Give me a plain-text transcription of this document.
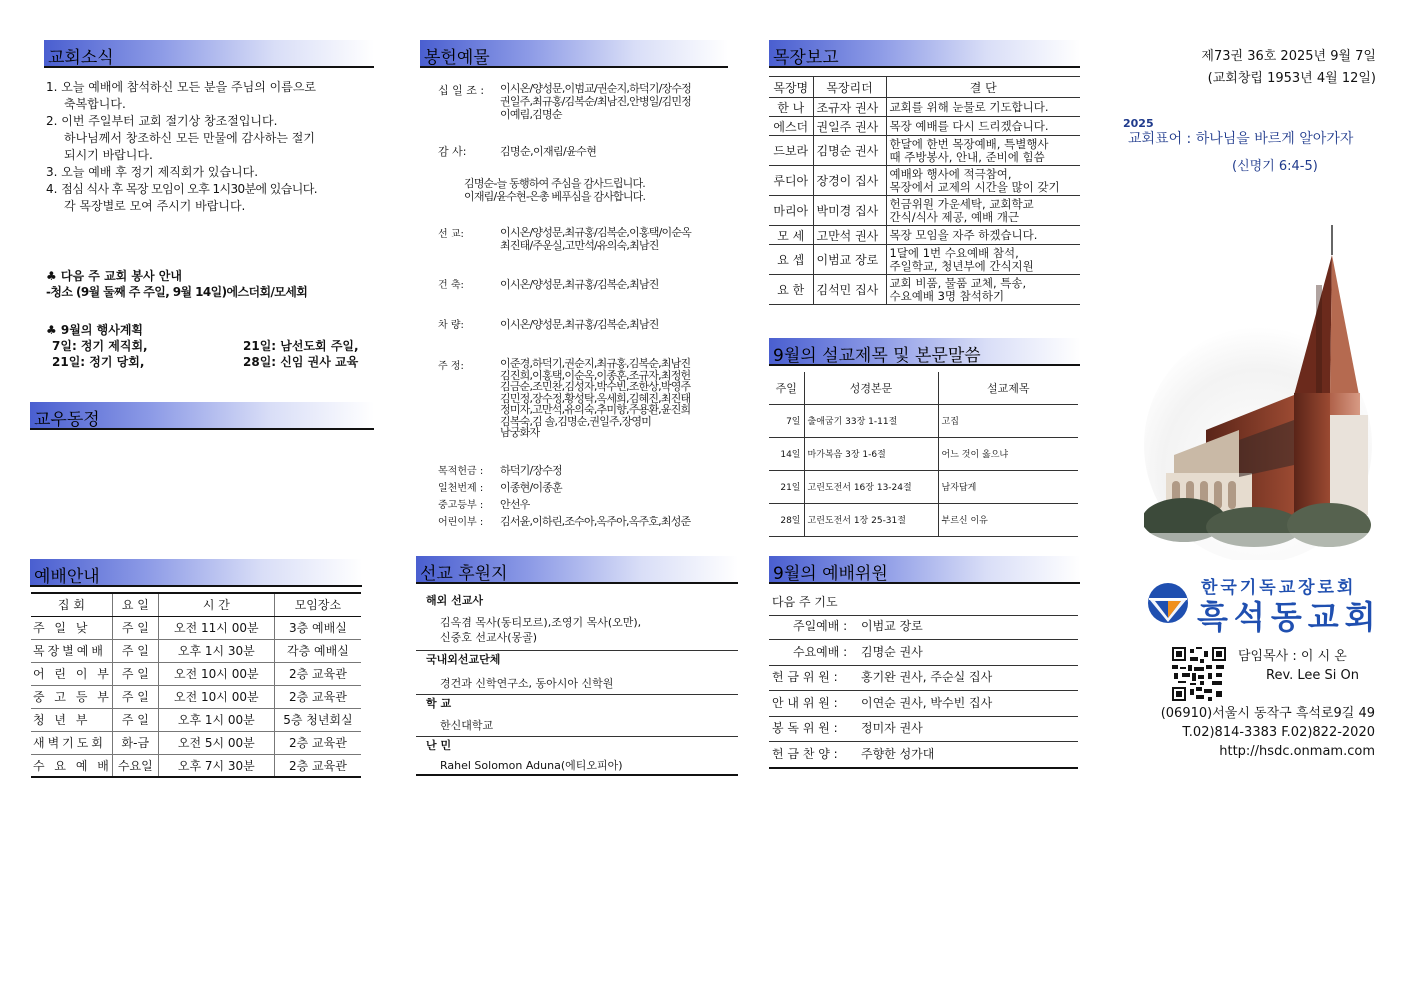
교회소식
1. 오늘 예배에 참석하신 모든 분을 주님의 이름으로
축복합니다.
2. 이번 주일부터 교회 절기상 창조절입니다.
하나님께서 창조하신 모든 만물에 감사하는 절기
되시기 바랍니다.
3. 오늘 예배 후 정기 제직회가 있습니다.
4. 점심 식사 후 목장 모임이 오후 1시30분에 있습니다.
각 목장별로 모여 주시기 바랍니다.
♣ 다음 주 교회 봉사 안내
-청소 (9월 둘째 주 주일, 9월 14일)에스더회/모세회
♣ 9월의 행사계획
7일: 정기 제직회,	21일: 남선도회 주일,
21일: 정기 당회,	28일: 신임 권사 교육
교우동정
예배안내
집 회	요 일	시 간	모임장소
주 일 낮	주 일	오전 11시 00분	3층 예배실
목장별예배	주 일	오후 1시 30분	각층 예배실
어 린 이 부	주 일	오전 10시 00분	2층 교육관
중 고 등 부	주 일	오전 10시 00분	2층 교육관
청 년 부	주 일	오후 1시 00분	5층 청년회실
새벽기도회	화-금	오전 5시 00분	2층 교육관
수 요 예 배	수요일	오후 7시 30분	2층 교육관
봉헌예물
십 일 조 : 이시온/양성문,이범교/권순지,하덕기/장수정
권일주,최규홍/김복순/최남진,안병일/김민정
이예림,김명순
감 사:	김명순,이재림/윤수현
김명순-늘 동행하여 주심을 감사드립니다.
이재림/윤수현-은총 베푸심을 감사합니다.
선 교:	이시온/양성문,최규홍/김복순,이홍택/이순옥
최진태/주운실,고만석/유의숙,최남진
건 축:	이시온/양성문,최규홍/김복순,최남진
차 량:	이시온/양성문,최규홍/김복순,최남진
주 정:	이준경,하덕기,권순지,최규홍,김복순,최남진
김진희,이홍택,이순옥,이종훈,조규자,최정헌
김금순,조민찬,김성자,박수빈,조한상,박영주
김민정,장수정,황성탁,옥세희,김혜진,최진태
정미자,고만석,유의숙,추미향,주용환,윤진희
김복숙,김 솔,김명순,권일주,장영미
남궁화자
목적헌금 : 하덕기/장수정
일천번제 : 이종현/이종훈
중고등부 : 안선우
어린이부 : 김서윤,이하린,조수아,옥주아,옥주호,최성준
선교 후원지
해외 선교사
김옥겸 목사(동티모르),조영기 목사(오만),
신중호 선교사(몽골)
국내외선교단체
경건과 신학연구소, 동아시아 신학원
학 교
한신대학교
난 민
Rahel Solomon Aduna(에티오피아)
목장보고
목장명	목장리더	결 단
한 나	조규자 권사	교회를 위해 눈물로 기도합니다.

에스더	권일주 권사	목장 예배를 다시 드리겠습니다.

드보라	김명순 권사	한달에 한번 목장예배, 특별행사
때 주방봉사, 안내, 준비에 힘씀

루디아	장경이 집사	예배와 행사에 적극참여,
목장에서 교제의 시간을 많이 갖기

마리아	박미경 집사	헌금위원 가운세탁, 교회학교
간식/식사 제공, 예배 개근

모 세	고만석 권사	목장 모임을 자주 하겠습니다.

요 셉	이범교 장로	1달에 1번 수요예배 참석,
주일학교, 청년부에 간식지원

요 한	김석민 집사	교회 비품, 물품 교체, 특송,
수요예배 3명 참석하기
9월의 설교제목 및 본문말씀
주일	성경본문	설교제목
7일	출애굽기 33장 1-11절	고집
14일	마가복음 3장 1-6절	어느 것이 옳으냐
21일	고린도전서 16장 13-24절	남자답게
28일	고린도전서 1장 25-31절	부르신 이유
9월의 예배위원
다음 주 기도
주일예배 : 이범교 장로
수요예배 : 김명순 권사
헌 금 위 원 : 홍기완 권사, 주순실 집사
안 내 위 원 : 이연순 권사, 박수빈 집사
봉 독 위 원 : 정미자 권사
헌 금 찬 양 : 주향한 성가대
제73권 36호 2025년 9월 7일
(교회창립 1953년 4월 12일)
2025
교회표어 : 하나님을 바르게 알아가자
(신명기 6:4-5)
한국기독교장로회
흑석동교회
담임목사 : 이 시 온
Rev. Lee Si On
(06910)서울시 동작구 흑석로9길 49
T.02)814-3383 F.02)822-2020
http://hsdc.onmam.com
